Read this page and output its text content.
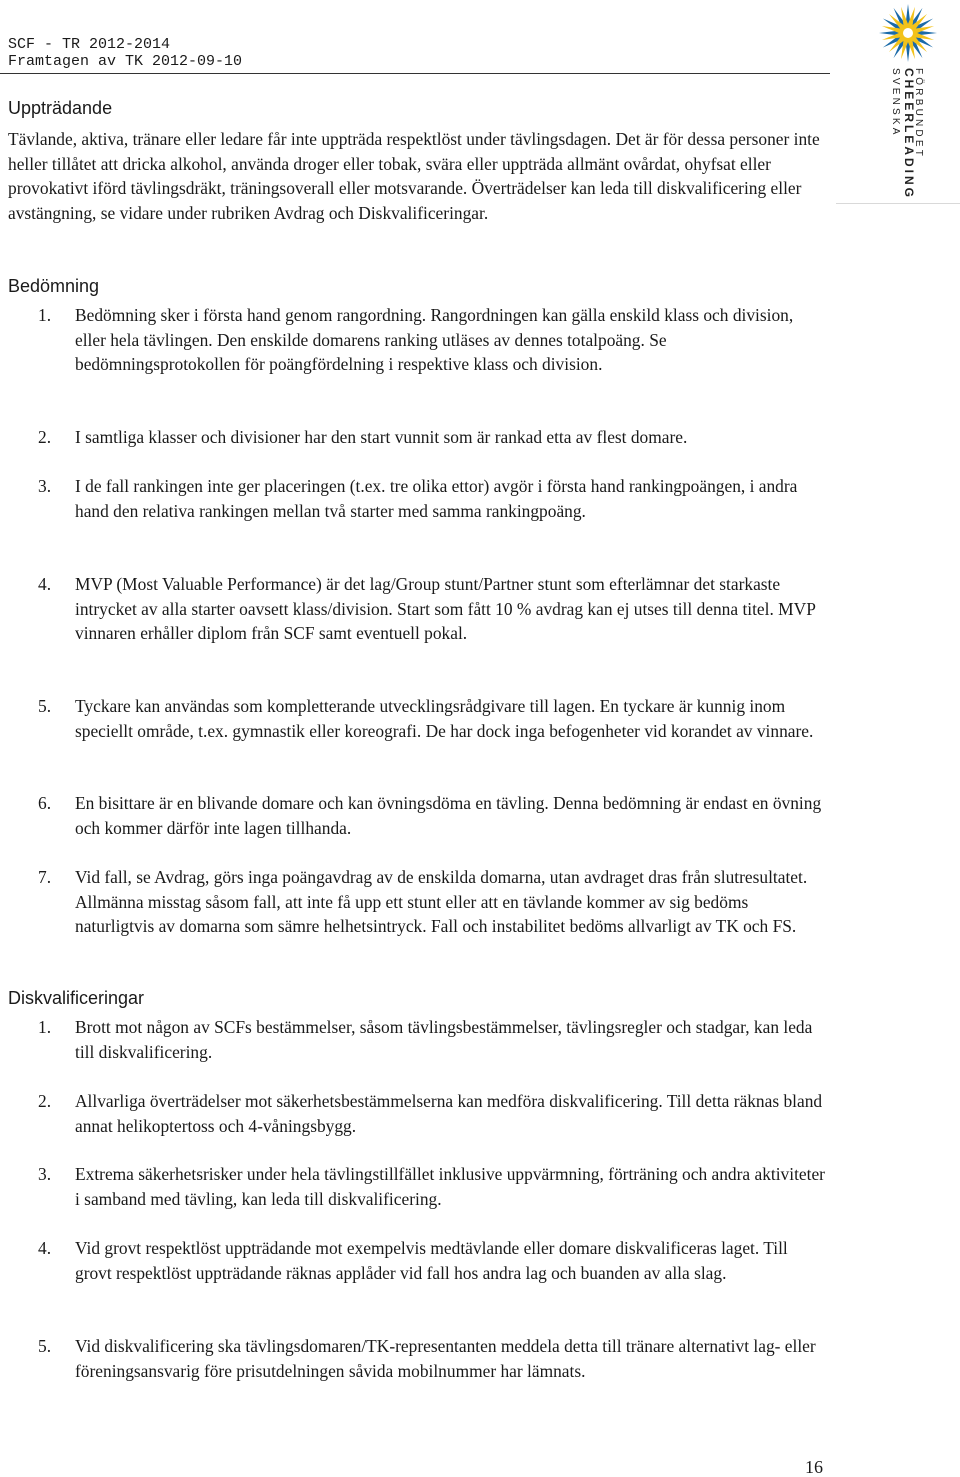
SCF - TR 2012-2014
Framtagen av TK 2012-09-10
SVENSKA CHEERLEADING
FÖRBUNDET
Uppträdande

Tävlande, aktiva, tränare eller ledare får inte uppträda respektlöst under tävlingsdagen. Det är för dessa personer inte heller tillåtet att dricka alkohol, använda droger eller tobak, svära eller uppträda allmänt ovårdat, ohyfsat eller provokativt iförd tävlingsdräkt, träningsoverall eller motsvarande. Överträdelser kan leda till diskvalificering eller avstängning, se vidare under rubriken Avdrag och Diskvalificeringar.

Bedömning
1. Bedömning sker i första hand genom rangordning. Rangordningen kan gälla enskild klass och division, eller hela tävlingen. Den enskilde domarens ranking utläses av dennes totalpoäng. Se bedömningsprotokollen för poängfördelning i respektive klass och division.
2. I samtliga klasser och divisioner har den start vunnit som är rankad etta av flest domare.
3. I de fall rankingen inte ger placeringen (t.ex. tre olika ettor) avgör i första hand rankingpoängen, i andra hand den relativa rankingen mellan två starter med samma rankingpoäng.
4. MVP (Most Valuable Performance) är det lag/Group stunt/Partner stunt som efterlämnar det starkaste intrycket av alla starter oavsett klass/division. Start som fått 10 % avdrag kan ej utses till denna titel. MVP vinnaren erhåller diplom från SCF samt eventuell pokal.
5. Tyckare kan användas som kompletterande utvecklingsrådgivare till lagen. En tyckare är kunnig inom speciellt område, t.ex. gymnastik eller koreografi. De har dock inga befogenheter vid korandet av vinnare.
6. En bisittare är en blivande domare och kan övningsdöma en tävling. Denna bedömning är endast en övning och kommer därför inte lagen tillhanda.
7. Vid fall, se Avdrag, görs inga poängavdrag av de enskilda domarna, utan avdraget dras från slutresultatet. Allmänna misstag såsom fall, att inte få upp ett stunt eller att en tävlande kommer av sig bedöms naturligtvis av domarna som sämre helhetsintryck. Fall och instabilitet bedöms allvarligt av TK och FS.
Diskvalificeringar
1. Brott mot någon av SCFs bestämmelser, såsom tävlingsbestämmelser, tävlingsregler och stadgar, kan leda till diskvalificering.
2. Allvarliga överträdelser mot säkerhetsbestämmelserna kan medföra diskvalificering. Till detta räknas bland annat helikoptertoss och 4-våningsbygg.
3. Extrema säkerhetsrisker under hela tävlingstillfället inklusive uppvärmning, förträning och andra aktiviteter i samband med tävling, kan leda till diskvalificering.
4. Vid grovt respektlöst uppträdande mot exempelvis medtävlande eller domare diskvalificeras laget. Till grovt respektlöst uppträdande räknas applåder vid fall hos andra lag och buanden av alla slag.
5. Vid diskvalificering ska tävlingsdomaren/TK-representanten meddela detta till tränare alternativt lag- eller föreningsansvarig före prisutdelningen såvida mobilnummer har lämnats.
16
